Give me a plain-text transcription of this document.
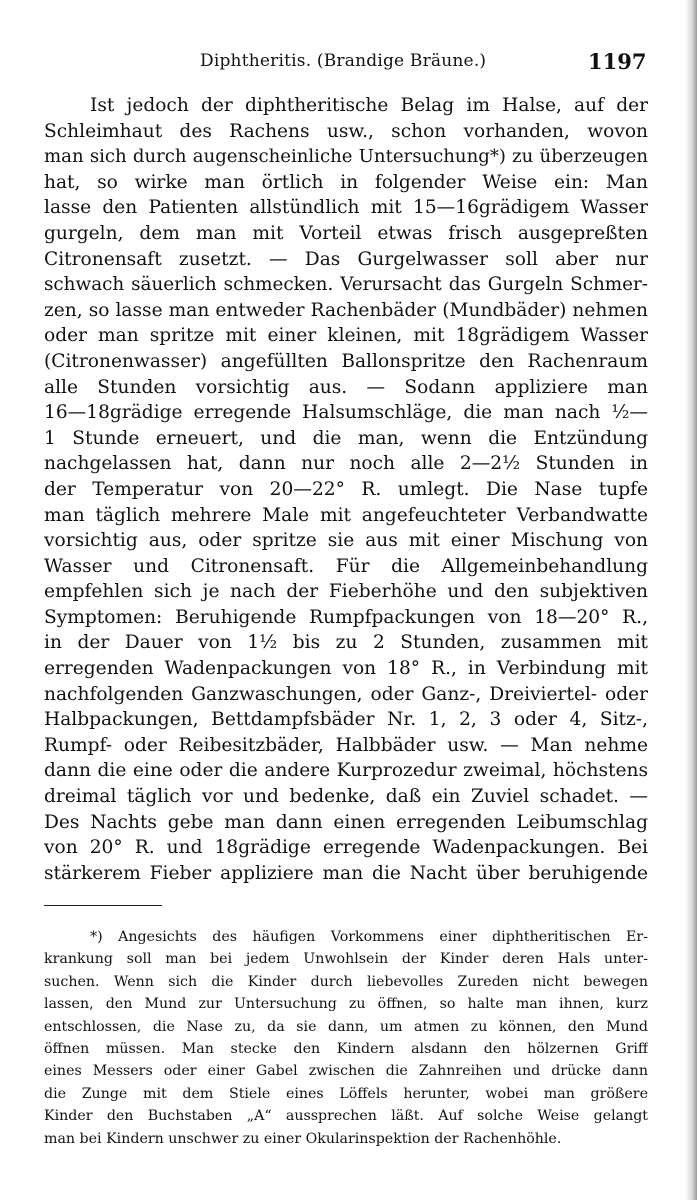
Diphtheritis. (Brandige Bräune.)	1197
Ist jedoch der diphtheritische Belag im Halse, auf der
Schleimhaut des Rachens usw., schon vorhanden, wovon
man sich durch augenscheinliche Untersuchung*) zu überzeugen
hat, so wirke man örtlich in folgender Weise ein: Man
lasse den Patienten allstündlich mit 15—16grädigem Wasser
gurgeln, dem man mit Vorteil etwas frisch ausgepreßten
Citronensaft zusetzt. — Das Gurgelwasser soll aber nur
schwach säuerlich schmecken. Verursacht das Gurgeln Schmer-
zen, so lasse man entweder Rachenbäder (Mundbäder) nehmen
oder man spritze mit einer kleinen, mit 18grädigem Wasser
(Citronenwasser) angefüllten Ballonspritze den Rachenraum
alle Stunden vorsichtig aus. — Sodann appliziere man
16—18grädige erregende Halsumschläge, die man nach ½—
1 Stunde erneuert, und die man, wenn die Entzündung
nachgelassen hat, dann nur noch alle 2—2½ Stunden in
der Temperatur von 20—22° R. umlegt. Die Nase tupfe
man täglich mehrere Male mit angefeuchteter Verbandwatte
vorsichtig aus, oder spritze sie aus mit einer Mischung von
Wasser und Citronensaft. Für die Allgemeinbehandlung
empfehlen sich je nach der Fieberhöhe und den subjektiven
Symptomen: Beruhigende Rumpfpackungen von 18—20° R.,
in der Dauer von 1½ bis zu 2 Stunden, zusammen mit
erregenden Wadenpackungen von 18° R., in Verbindung mit
nachfolgenden Ganzwaschungen, oder Ganz-, Dreiviertel- oder
Halbpackungen, Bettdampfsbäder Nr. 1, 2, 3 oder 4, Sitz-,
Rumpf- oder Reibesitzbäder, Halbbäder usw. — Man nehme
dann die eine oder die andere Kurprozedur zweimal, höchstens
dreimal täglich vor und bedenke, daß ein Zuviel schadet. —
Des Nachts gebe man dann einen erregenden Leibumschlag
von 20° R. und 18grädige erregende Wadenpackungen. Bei
stärkerem Fieber appliziere man die Nacht über beruhigende
*) Angesichts des häufigen Vorkommens einer diphtheritischen Er-
krankung soll man bei jedem Unwohlsein der Kinder deren Hals unter-
suchen. Wenn sich die Kinder durch liebevolles Zureden nicht bewegen
lassen, den Mund zur Untersuchung zu öffnen, so halte man ihnen, kurz
entschlossen, die Nase zu, da sie dann, um atmen zu können, den Mund
öffnen müssen. Man stecke den Kindern alsdann den hölzernen Griff
eines Messers oder einer Gabel zwischen die Zahnreihen und drücke dann
die Zunge mit dem Stiele eines Löffels herunter, wobei man größere
Kinder den Buchstaben „A“ aussprechen läßt. Auf solche Weise gelangt
man bei Kindern unschwer zu einer Okularinspektion der Rachenhöhle.
